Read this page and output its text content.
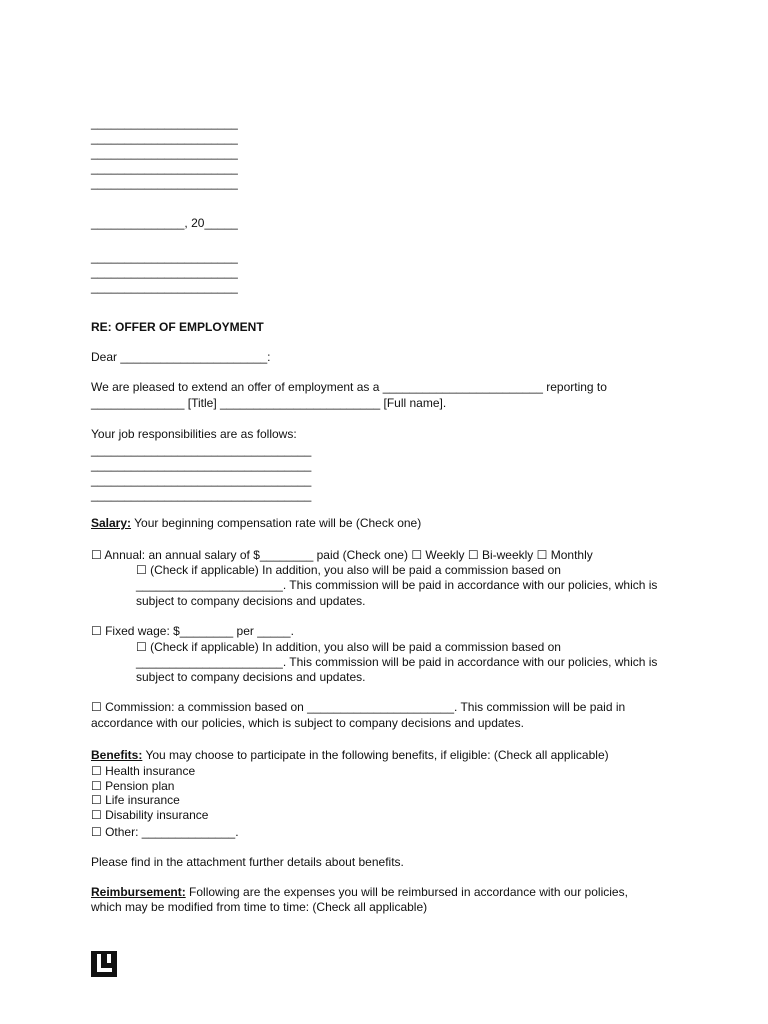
______________________
______________________
______________________
______________________
______________________
______________, 20_____
______________________
______________________
______________________
RE: OFFER OF EMPLOYMENT
Dear ______________________:
We are pleased to extend an offer of employment as a ________________________ reporting to
______________ [Title] ________________________ [Full name].
Your job responsibilities are as follows:
_________________________________
_________________________________
_________________________________
_________________________________
Salary: Your beginning compensation rate will be (Check one)
☐ Annual: an annual salary of $________ paid (Check one) ☐ Weekly ☐ Bi-weekly ☐ Monthly
☐ (Check if applicable) In addition, you also will be paid a commission based on
______________________. This commission will be paid in accordance with our policies, which is
subject to company decisions and updates.
☐ Fixed wage: $________ per _____.
☐ (Check if applicable) In addition, you also will be paid a commission based on
______________________. This commission will be paid in accordance with our policies, which is
subject to company decisions and updates.
☐ Commission: a commission based on ______________________. This commission will be paid in
accordance with our policies, which is subject to company decisions and updates.
Benefits: You may choose to participate in the following benefits, if eligible: (Check all applicable)
☐ Health insurance
☐ Pension plan
☐ Life insurance
☐ Disability insurance
☐ Other: ______________.
Please find in the attachment further details about benefits.
Reimbursement: Following are the expenses you will be reimbursed in accordance with our policies,
which may be modified from time to time: (Check all applicable)
